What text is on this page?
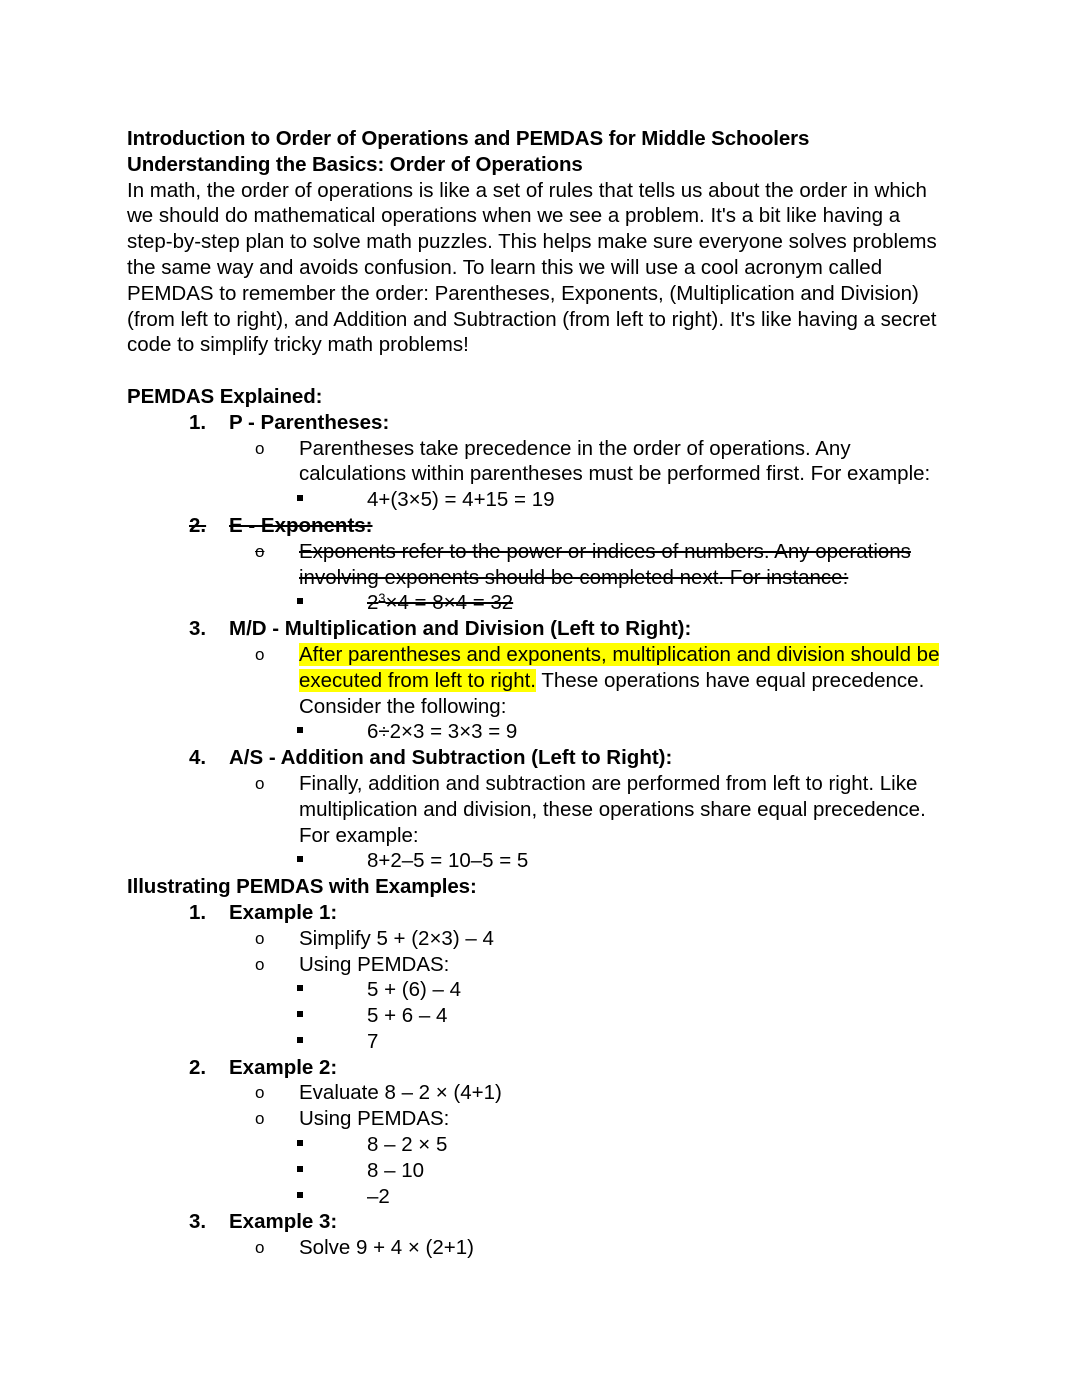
Introduction to Order of Operations and PEMDAS for Middle Schoolers
Understanding the Basics: Order of Operations
In math, the order of operations is like a set of rules that tells us about the order in which we should do mathematical operations when we see a problem. It's a bit like having a step-by-step plan to solve math puzzles. This helps make sure everyone solves problems the same way and avoids confusion. To learn this we will use a cool acronym called PEMDAS to remember the order: Parentheses, Exponents, (Multiplication and Division) (from left to right), and Addition and Subtraction (from left to right). It's like having a secret code to simplify tricky math problems!
PEMDAS Explained:
1.	P - Parentheses:
o Parentheses take precedence in the order of operations. Any calculations within parentheses must be performed first. For example:
4+(3×5) = 4+15 = 19
2.	E - Exponents:
o Exponents refer to the power or indices of numbers. Any operations involving exponents should be completed next. For instance:
$2^3\times 4 = 8\times 4 = 32$
3.	M/D - Multiplication and Division (Left to Right):
o After parentheses and exponents, multiplication and division should be executed from left to right. These operations have equal precedence. Consider the following:
6÷2×3 = 3×3 = 9
4.	A/S - Addition and Subtraction (Left to Right):
o Finally, addition and subtraction are performed from left to right. Like multiplication and division, these operations share equal precedence. For example:
8+2–5 = 10–5 = 5
Illustrating PEMDAS with Examples:
1.	Example 1:
o Simplify 5 + (2×3) – 4
o Using PEMDAS:
5 + (6) – 4
5 + 6 – 4
7
2.	Example 2:
o Evaluate 8 – 2 × (4+1)
o Using PEMDAS:
8 – 2 × 5
8 – 10
–2
3.	Example 3:
o Solve 9 + 4 × (2+1)
